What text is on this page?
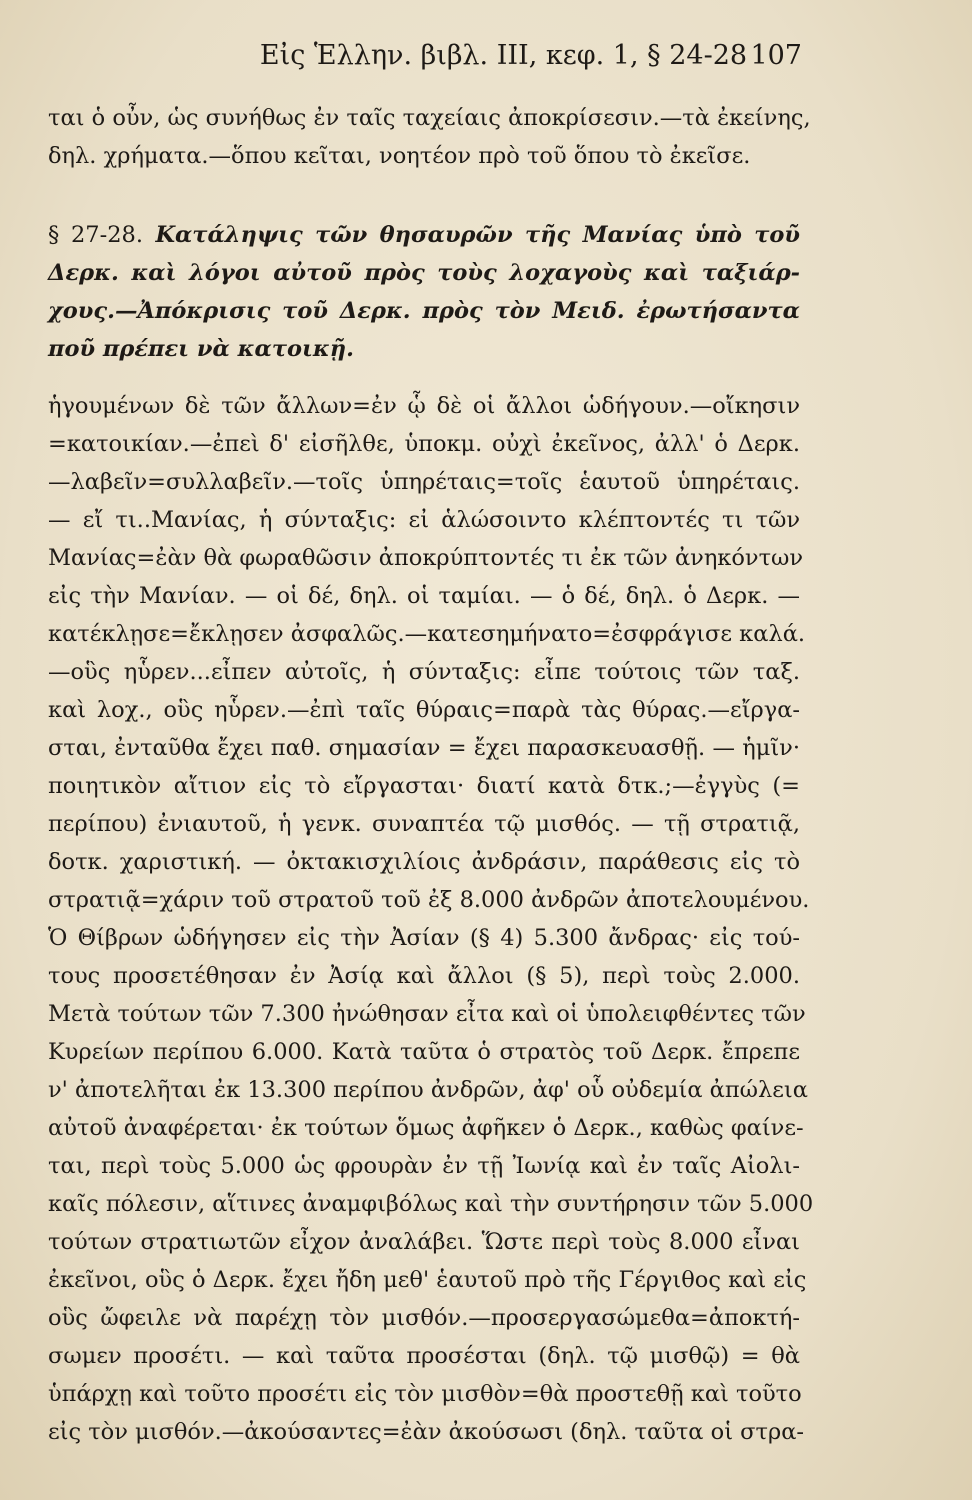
Εἰς Ἑλλην. βιβλ. ΙΙΙ, κεφ. 1, § 24-28 107
ται ὁ οὖν, ὡς συνήθως ἐν ταῖς ταχείαις ἀποκρίσεσιν.—τὰ ἐκείνης,
δηλ. χρήματα.—ὅπου κεῖται, νοητέον πρὸ τοῦ ὅπου τὸ ἐκεῖσε.
§ 27-28. Κατάληψις τῶν θησαυρῶν τῆς Μανίας ὑπὸ τοῦ
Δερκ. καὶ λόγοι αὐτοῦ πρὸς τοὺς λοχαγοὺς καὶ ταξιάρ-
χους.—Ἀπόκρισις τοῦ Δερκ. πρὸς τὸν Μειδ. ἐρωτήσαντα
ποῦ πρέπει νὰ κατοικῇ.
ἡγουμένων δὲ τῶν ἄλλων=ἐν ᾧ δὲ οἱ ἄλλοι ὡδήγουν.—οἴκησιν
=κατοικίαν.—ἐπεὶ δ' εἰσῆλθε, ὑποκμ. οὐχὶ ἐκεῖνος, ἀλλ' ὁ Δερκ.
—λαβεῖν=συλλαβεῖν.—τοῖς ὑπηρέταις=τοῖς ἑαυτοῦ ὑπηρέταις.
— εἴ τι..Μανίας, ἡ σύνταξις: εἰ ἁλώσοιντο κλέπτοντές τι τῶν
Μανίας=ἐὰν θὰ φωραθῶσιν ἀποκρύπτοντές τι ἐκ τῶν ἀνηκόντων
εἰς τὴν Μανίαν. — οἱ δέ, δηλ. οἱ ταμίαι. — ὁ δέ, δηλ. ὁ Δερκ. —
κατέκλῃσε=ἔκλῃσεν ἀσφαλῶς.—κατεσημήνατο=ἐσφράγισε καλά.
—οὓς ηὗρεν...εἶπεν αὐτοῖς, ἡ σύνταξις: εἶπε τούτοις τῶν ταξ.
καὶ λοχ., οὓς ηὗρεν.—ἐπὶ ταῖς θύραις=παρὰ τὰς θύρας.—εἴργα-
σται, ἐνταῦθα ἔχει παθ. σημασίαν = ἔχει παρασκευασθῇ. — ἡμῖν·
ποιητικὸν αἴτιον εἰς τὸ εἴργασται· διατί κατὰ δτκ.;—ἐγγὺς (=
περίπου) ἐνιαυτοῦ, ἡ γενκ. συναπτέα τῷ μισθός. — τῇ στρατιᾷ,
δοτκ. χαριστική. — ὀκτακισχιλίοις ἀνδράσιν, παράθεσις εἰς τὸ
στρατιᾷ=χάριν τοῦ στρατοῦ τοῦ ἐξ 8.000 ἀνδρῶν ἀποτελουμένου.
Ὁ Θίβρων ὡδήγησεν εἰς τὴν Ἀσίαν (§ 4) 5.300 ἄνδρας· εἰς τού-
τους προσετέθησαν ἐν Ἀσίᾳ καὶ ἄλλοι (§ 5), περὶ τοὺς 2.000.
Μετὰ τούτων τῶν 7.300 ἠνώθησαν εἶτα καὶ οἱ ὑπολειφθέντες τῶν
Κυρείων περίπου 6.000. Κατὰ ταῦτα ὁ στρατὸς τοῦ Δερκ. ἔπρεπε
ν' ἀποτελῆται ἐκ 13.300 περίπου ἀνδρῶν, ἀφ' οὗ οὐδεμία ἀπώλεια
αὐτοῦ ἀναφέρεται· ἐκ τούτων ὅμως ἀφῆκεν ὁ Δερκ., καθὼς φαίνε-
ται, περὶ τοὺς 5.000 ὡς φρουρὰν ἐν τῇ Ἰωνίᾳ καὶ ἐν ταῖς Αἰολι-
καῖς πόλεσιν, αἵτινες ἀναμφιβόλως καὶ τὴν συντήρησιν τῶν 5.000
τούτων στρατιωτῶν εἶχον ἀναλάβει. Ὥστε περὶ τοὺς 8.000 εἶναι
ἐκεῖνοι, οὓς ὁ Δερκ. ἔχει ἤδη μεθ' ἑαυτοῦ πρὸ τῆς Γέργιθος καὶ εἰς
οὓς ὤφειλε νὰ παρέχῃ τὸν μισθόν.—προσεργασώμεθα=ἀποκτή-
σωμεν προσέτι. — καὶ ταῦτα προσέσται (δηλ. τῷ μισθῷ) = θὰ
ὑπάρχῃ καὶ τοῦτο προσέτι εἰς τὸν μισθὸν=θὰ προστεθῇ καὶ τοῦτο
εἰς τὸν μισθόν.—ἀκούσαντες=ἐὰν ἀκούσωσι (δηλ. ταῦτα οἱ στρα-
